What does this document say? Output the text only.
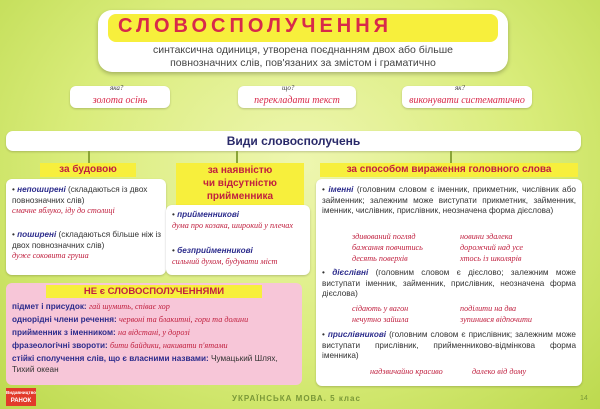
СЛОВОСПОЛУЧЕННЯ
синтаксична одиниця, утворена поєднанням двох або більше повнозначних слів, пов'язаних за змістом і граматично
золота осінь
яка?
перекладати текст
що?
виконувати систематично
як?
Види словосполучень
за будовою
• непоширені (складаються із двох повнозначних слів)
смачне яблуко, іду до столиці
• поширені (складаються більше ніж із двох повнозначних слів)
дуже соковита груша
за наявністю
чи відсутністю
прийменника
• прийменникові
дума про козака, широкий у плечах
• безприйменникові
сильний духом, будувати міст
за способом вираження головного слова
• іменні (головним словом є іменник, прикметник, числівник або займенник; залежним може виступати прикметник, займенник, іменник, числівник, прислівник, неозначена форма дієслова)
здивований погляд	новини здалека
бажання повчитись	дорожчий над усе
десять поверхів	хтось із школярів
• дієслівні (головним словом є дієслово; залежним може виступати іменник, займенник, прислівник, неозначена форма дієслова)
сідають у вагон	поділити на два
нечутно зайшла	зупинився відпочити
• прислівникові (головним словом є прислівник; залежним може виступати прислівник, прийменниково-відмінкова форма іменника)
надзвичайно красиво	далеко від дому
НЕ є СЛОВОСПОЛУЧЕННЯМИ
підмет і присудок: гай шумить, співає хор
однорідні члени речення: червоні та блакитні, гори та долини
прийменник з іменником: на відстані, у дорозі
фразеологічні звороти: бити байдики, накивати п'ятами
стійкі сполучення слів, що є власними назвами: Чумацький Шлях, Тихий океан
Видавництво
РАНОК	УКРАЇНСЬКА МОВА. 5 клас	14
